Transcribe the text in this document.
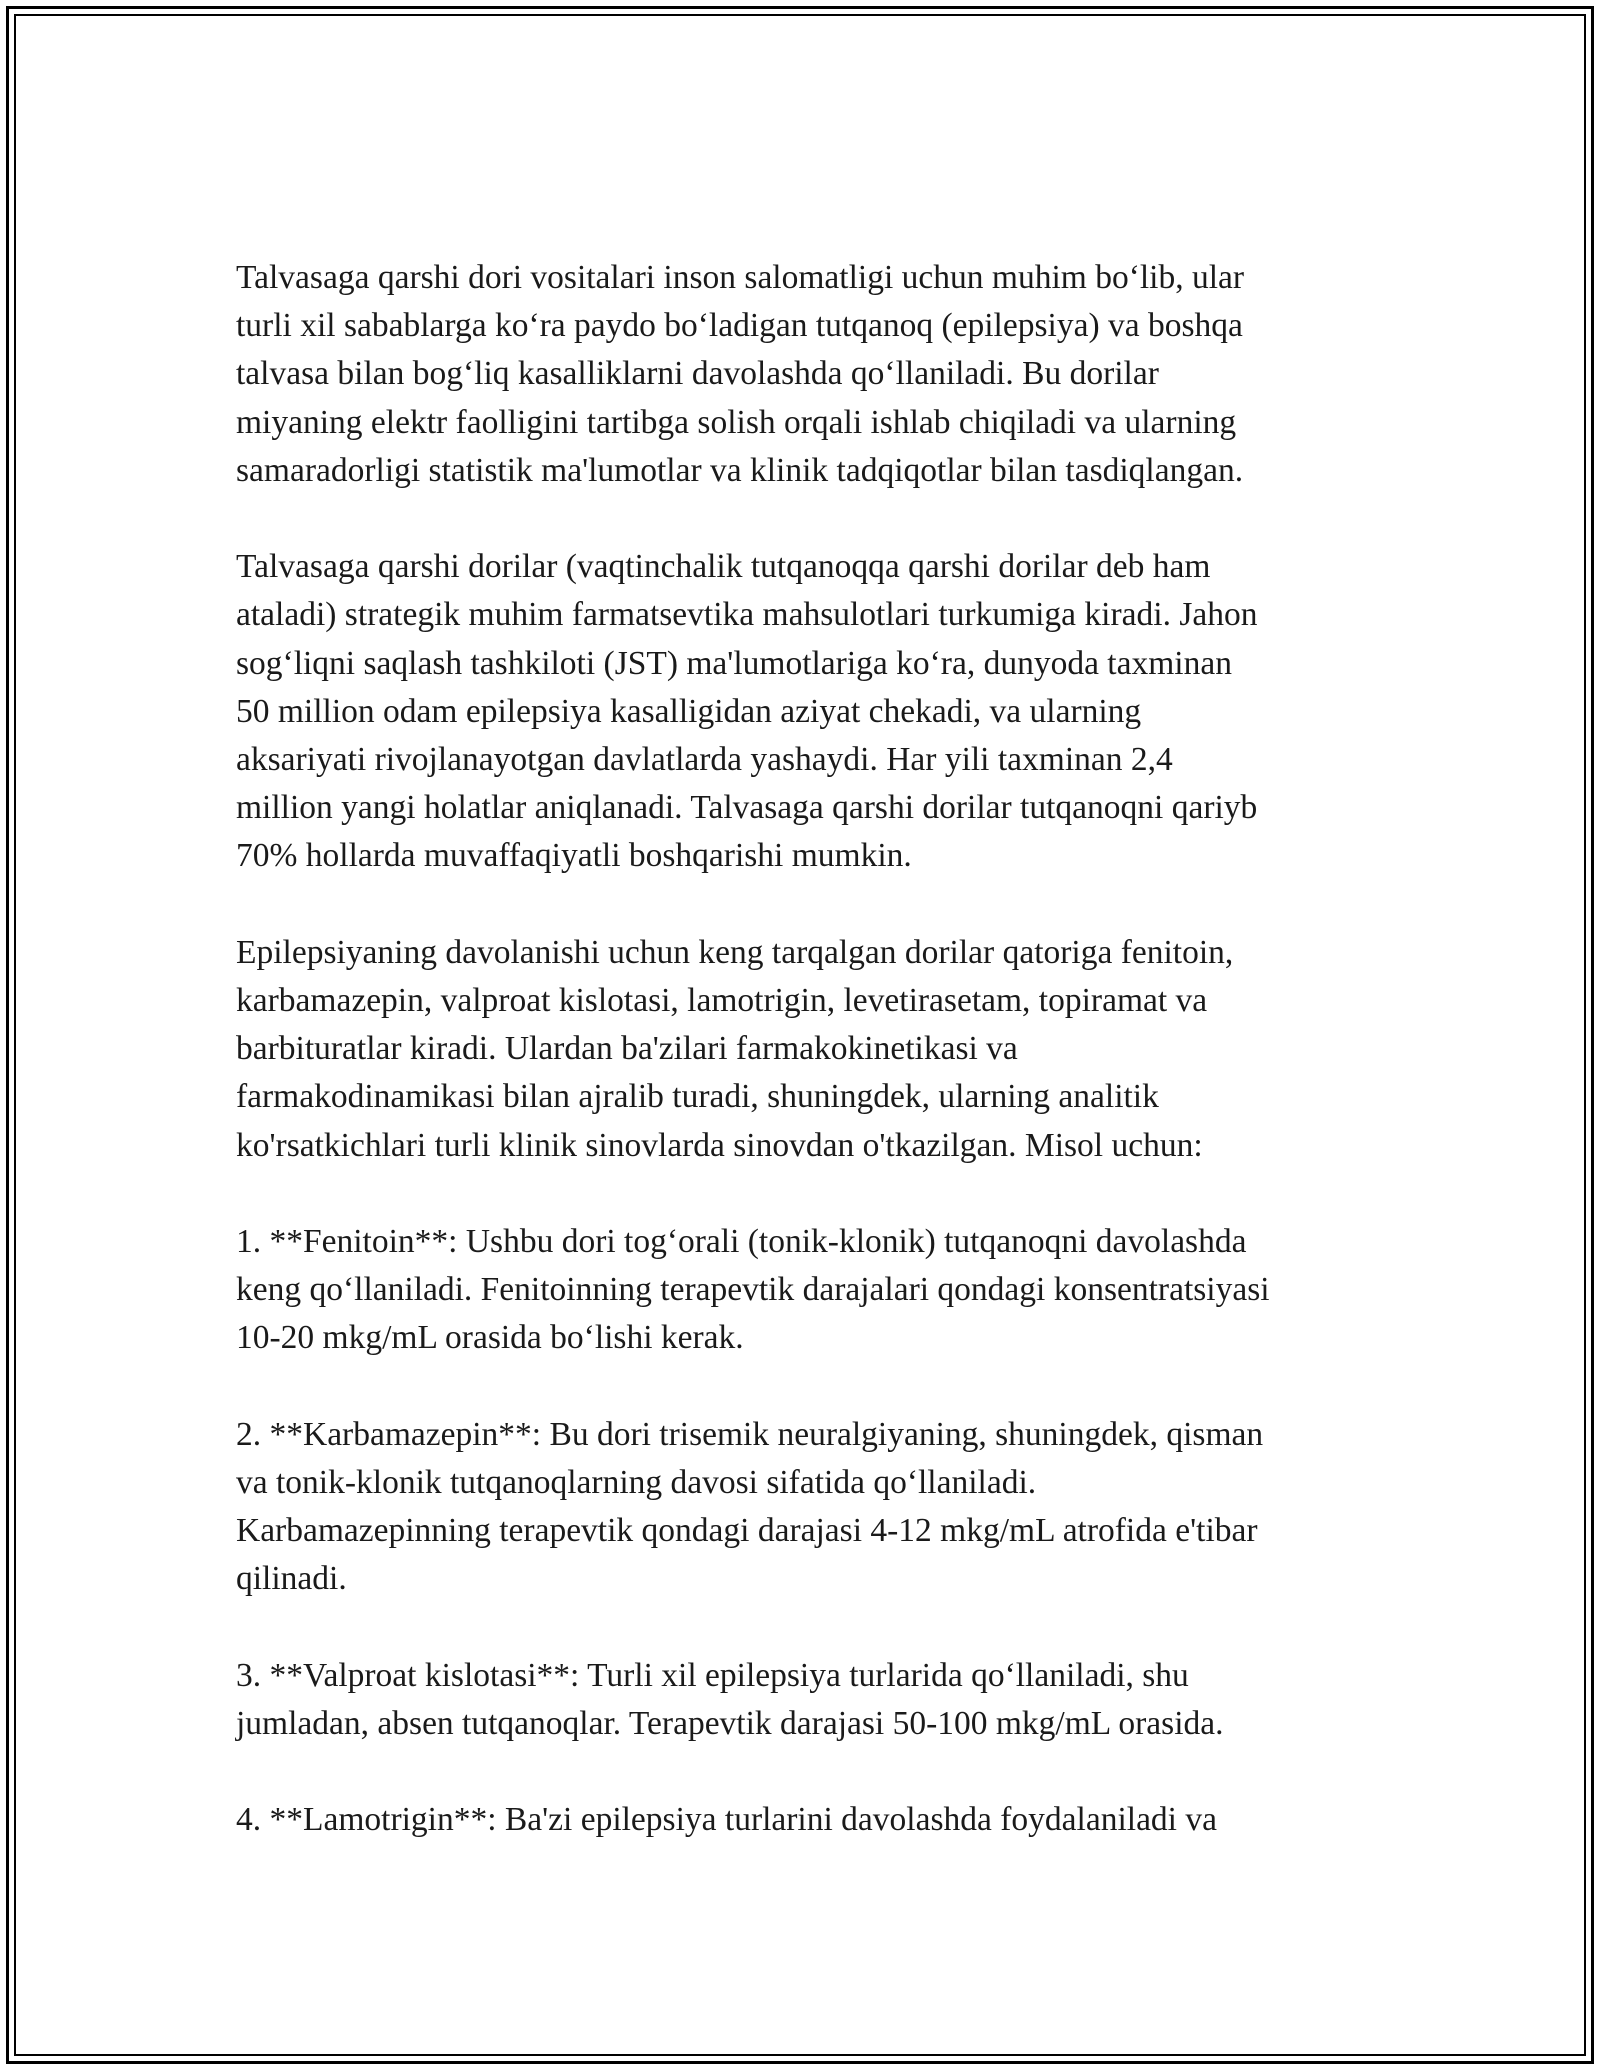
Talvasaga qarshi dori vositalari inson salomatligi uchun muhim bo‘lib, ular
turli xil sabablarga ko‘ra paydo bo‘ladigan tutqanoq (epilepsiya) va boshqa
talvasa bilan bog‘liq kasalliklarni davolashda qo‘llaniladi. Bu dorilar
miyaning elektr faolligini tartibga solish orqali ishlab chiqiladi va ularning
samaradorligi statistik ma'lumotlar va klinik tadqiqotlar bilan tasdiqlangan.

Talvasaga qarshi dorilar (vaqtinchalik tutqanoqqa qarshi dorilar deb ham
ataladi) strategik muhim farmatsevtika mahsulotlari turkumiga kiradi. Jahon
sog‘liqni saqlash tashkiloti (JST) ma'lumotlariga ko‘ra, dunyoda taxminan
50 million odam epilepsiya kasalligidan aziyat chekadi, va ularning
aksariyati rivojlanayotgan davlatlarda yashaydi. Har yili taxminan 2,4
million yangi holatlar aniqlanadi. Talvasaga qarshi dorilar tutqanoqni qariyb
70% hollarda muvaffaqiyatli boshqarishi mumkin.

Epilepsiyaning davolanishi uchun keng tarqalgan dorilar qatoriga fenitoin,
karbamazepin, valproat kislotasi, lamotrigin, levetirasetam, topiramat va
barbituratlar kiradi. Ulardan ba'zilari farmakokinetikasi va
farmakodinamikasi bilan ajralib turadi, shuningdek, ularning analitik
ko'rsatkichlari turli klinik sinovlarda sinovdan o'tkazilgan. Misol uchun:

1. **Fenitoin**: Ushbu dori tog‘orali (tonik-klonik) tutqanoqni davolashda
keng qo‘llaniladi. Fenitoinning terapevtik darajalari qondagi konsentratsiyasi
10-20 mkg/mL orasida bo‘lishi kerak.

2. **Karbamazepin**: Bu dori trisemik neuralgiyaning, shuningdek, qisman
va tonik-klonik tutqanoqlarning davosi sifatida qo‘llaniladi.
Karbamazepinning terapevtik qondagi darajasi 4-12 mkg/mL atrofida e'tibar
qilinadi.

3. **Valproat kislotasi**: Turli xil epilepsiya turlarida qo‘llaniladi, shu
jumladan, absen tutqanoqlar. Terapevtik darajasi 50-100 mkg/mL orasida.

4. **Lamotrigin**: Ba'zi epilepsiya turlarini davolashda foydalaniladi va
